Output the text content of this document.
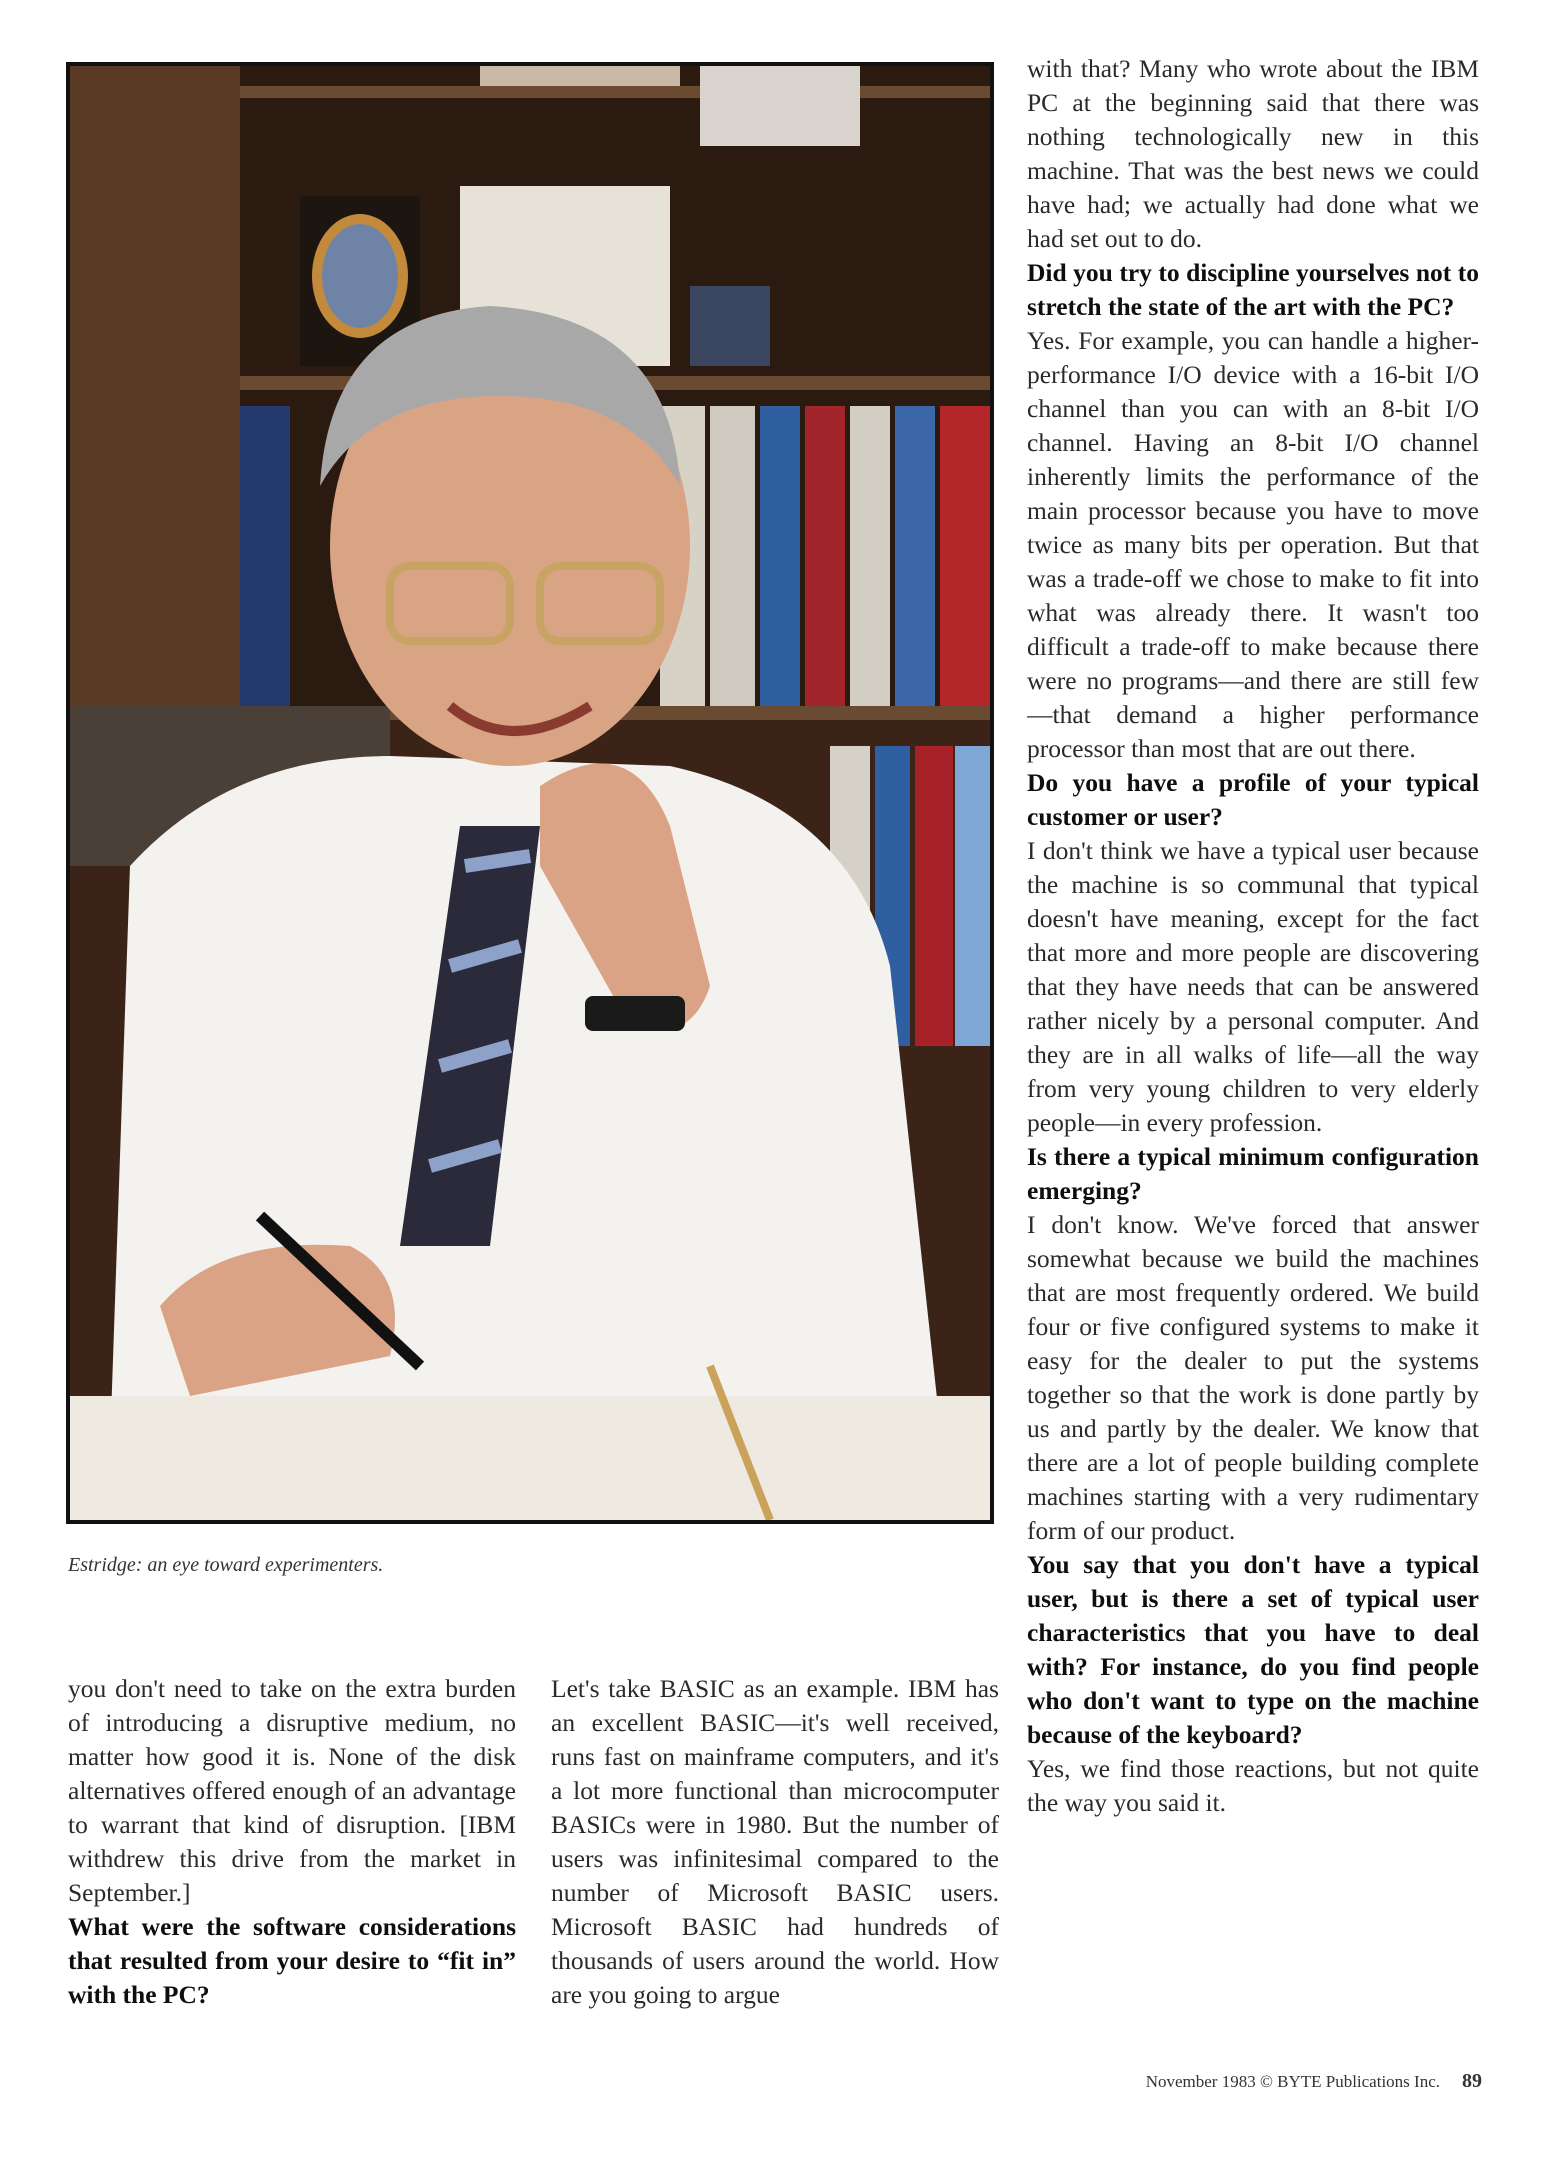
Estridge: an eye toward experimenters.

you don't need to take on the extra burden of introducing a disruptive medium, no matter how good it is. None of the disk alternatives offered enough of an advantage to warrant that kind of disruption. [IBM withdrew this drive from the market in September.]

What were the software considerations that resulted from your desire to “fit in” with the PC?

Let's take BASIC as an example. IBM has an excellent BASIC—it's well received, runs fast on mainframe computers, and it's a lot more functional than microcomputer BASICs were in 1980. But the number of users was infinitesimal compared to the number of Microsoft BASIC users. Microsoft BASIC had hundreds of thousands of users around the world. How are you going to argue

with that? Many who wrote about the IBM PC at the beginning said that there was nothing technologically new in this machine. That was the best news we could have had; we actually had done what we had set out to do.

Did you try to discipline yourselves not to stretch the state of the art with the PC?

Yes. For example, you can handle a higher-performance I/O device with a 16-bit I/O channel than you can with an 8-bit I/O channel. Having an 8-bit I/O channel inherently limits the performance of the main processor because you have to move twice as many bits per operation. But that was a trade-off we chose to make to fit into what was already there. It wasn't too difficult a trade-off to make because there were no programs—and there are still few—that demand a higher performance processor than most that are out there.

Do you have a profile of your typical customer or user?

I don't think we have a typical user because the machine is so communal that typical doesn't have meaning, except for the fact that more and more people are discovering that they have needs that can be answered rather nicely by a personal computer. And they are in all walks of life—all the way from very young children to very elderly people—in every profession.

Is there a typical minimum configuration emerging?

I don't know. We've forced that answer somewhat because we build the machines that are most frequently ordered. We build four or five configured systems to make it easy for the dealer to put the systems together so that the work is done partly by us and partly by the dealer. We know that there are a lot of people building complete machines starting with a very rudimentary form of our product.

You say that you don't have a typical user, but is there a set of typical user characteristics that you have to deal with? For instance, do you find people who don't want to type on the machine because of the keyboard?

Yes, we find those reactions, but not quite the way you said it.

November 1983 © BYTE Publications Inc. 89
